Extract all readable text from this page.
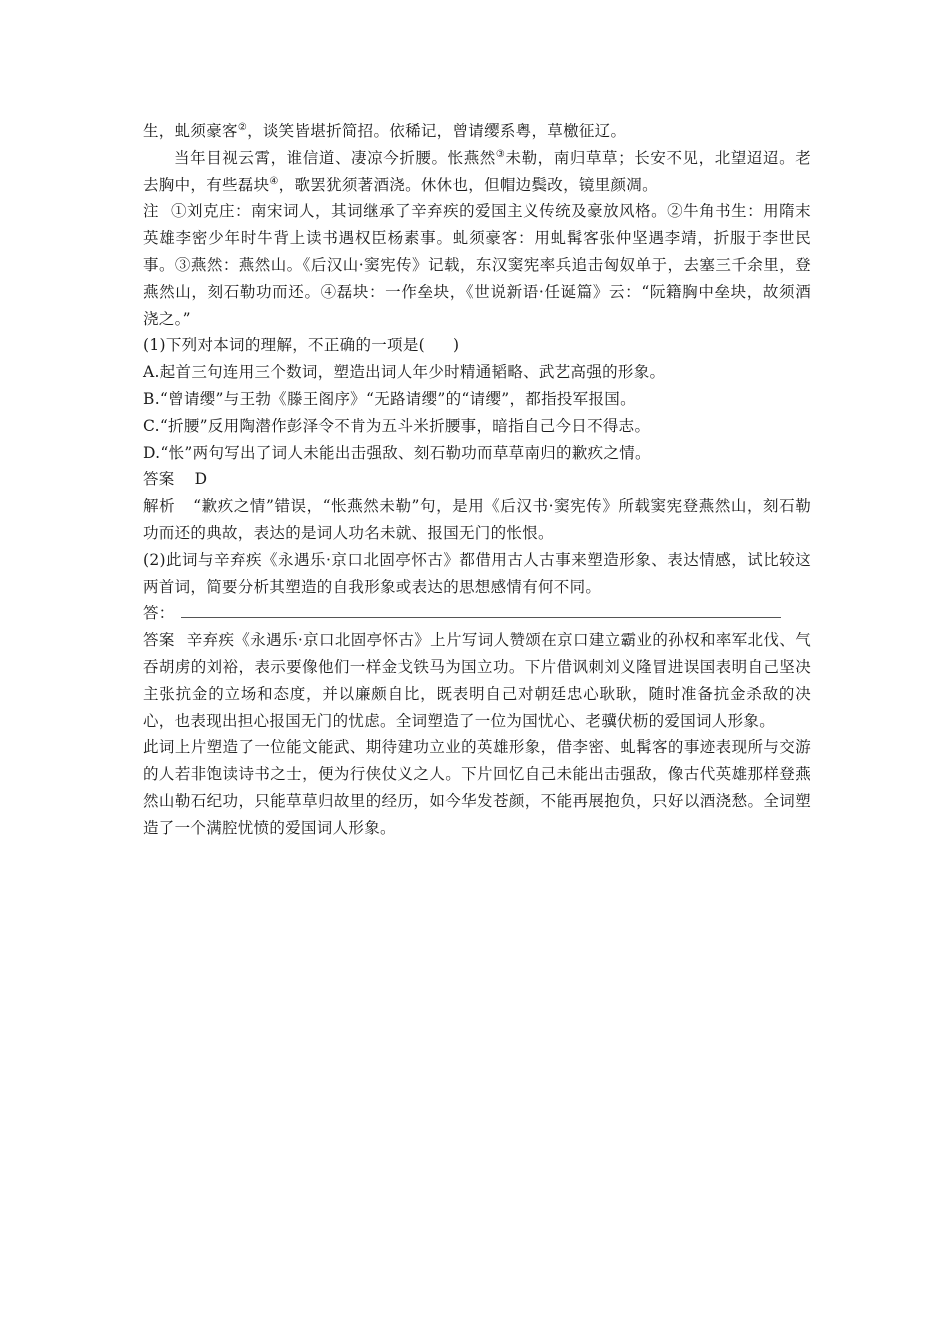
生，虬须豪客②，谈笑皆堪折简招。依稀记，曾请缨系粤，草檄征辽。

当年目视云霄，谁信道、凄凉今折腰。怅燕然③未勒，南归草草；长安不见，北望迢迢。老去胸中，有些磊块④，歌罢犹须著酒浇。休休也，但帽边鬓改，镜里颜凋。

注 ①刘克庄：南宋词人，其词继承了辛弃疾的爱国主义传统及豪放风格。②牛角书生：用隋末英雄李密少年时牛背上读书遇权臣杨素事。虬须豪客：用虬髯客张仲坚遇李靖，折服于李世民事。③燕然：燕然山。《后汉山·窦宪传》记载，东汉窦宪率兵追击匈奴单于，去塞三千余里，登燕然山，刻石勒功而还。④磊块：一作垒块，《世说新语·任诞篇》云：“阮籍胸中垒块，故须酒浇之。”

(1)下列对本词的理解，不正确的一项是( )

A.起首三句连用三个数词，塑造出词人年少时精通韬略、武艺高强的形象。

B.“曾请缨”与王勃《滕王阁序》“无路请缨”的“请缨”，都指投军报国。

C.“折腰”反用陶潜作彭泽令不肯为五斗米折腰事，暗指自己今日不得志。

D.“怅”两句写出了词人未能出击强敌、刻石勒功而草草南归的歉疚之情。

答案 D

解析 “歉疚之情”错误，“怅燕然未勒”句，是用《后汉书·窦宪传》所载窦宪登燕然山，刻石勒功而还的典故，表达的是词人功名未就、报国无门的怅恨。

(2)此词与辛弃疾《永遇乐·京口北固亭怀古》都借用古人古事来塑造形象、表达情感，试比较这两首词，简要分析其塑造的自我形象或表达的思想感情有何不同。

答：

答案 辛弃疾《永遇乐·京口北固亭怀古》上片写词人赞颂在京口建立霸业的孙权和率军北伐、气吞胡虏的刘裕，表示要像他们一样金戈铁马为国立功。下片借讽刺刘义隆冒进误国表明自己坚决主张抗金的立场和态度，并以廉颇自比，既表明自己对朝廷忠心耿耿，随时准备抗金杀敌的决心，也表现出担心报国无门的忧虑。全词塑造了一位为国忧心、老骥伏枥的爱国词人形象。

此词上片塑造了一位能文能武、期待建功立业的英雄形象，借李密、虬髯客的事迹表现所与交游的人若非饱读诗书之士，便为行侠仗义之人。下片回忆自己未能出击强敌，像古代英雄那样登燕然山勒石纪功，只能草草归故里的经历，如今华发苍颜，不能再展抱负，只好以酒浇愁。全词塑造了一个满腔忧愤的爱国词人形象。
